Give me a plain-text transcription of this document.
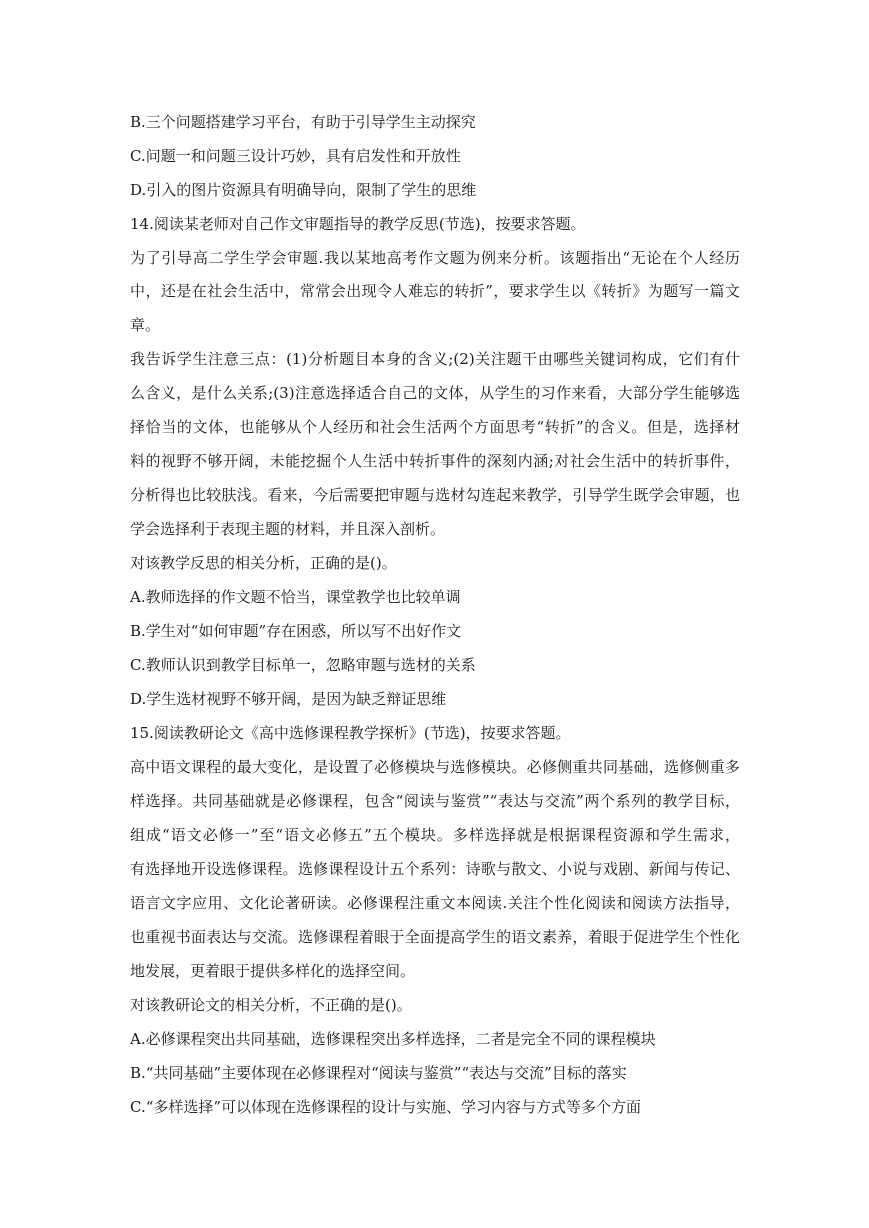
B.三个问题搭建学习平台，有助于引导学生主动探究
C.问题一和问题三设计巧妙，具有启发性和开放性
D.引入的图片资源具有明确导向，限制了学生的思维
14.阅读某老师对自己作文审题指导的教学反思(节选)，按要求答题。
为了引导高二学生学会审题.我以某地高考作文题为例来分析。该题指出“无论在个人经历
中，还是在社会生活中，常常会出现令人难忘的转折”，要求学生以《转折》为题写一篇文
章。
我告诉学生注意三点：(1)分析题目本身的含义;(2)关注题干由哪些关键词构成，它们有什
么含义，是什么关系;(3)注意选择适合自己的文体，从学生的习作来看，大部分学生能够选
择恰当的文体，也能够从个人经历和社会生活两个方面思考“转折”的含义。但是，选择材
料的视野不够开阔，未能挖掘个人生活中转折事件的深刻内涵;对社会生活中的转折事件，
分析得也比较肤浅。看来，今后需要把审题与选材勾连起来教学，引导学生既学会审题，也
学会选择利于表现主题的材料，并且深入剖析。
对该教学反思的相关分析，正确的是()。
A.教师选择的作文题不恰当，课堂教学也比较单调
B.学生对“如何审题”存在困惑，所以写不出好作文
C.教师认识到教学目标单一，忽略审题与选材的关系
D.学生选材视野不够开阔，是因为缺乏辩证思维
15.阅读教研论文《高中选修课程教学探析》(节选)，按要求答题。
高中语文课程的最大变化，是设置了必修模块与选修模块。必修侧重共同基础，选修侧重多
样选择。共同基础就是必修课程，包含“阅读与鉴赏”“表达与交流”两个系列的教学目标，
组成“语文必修一”至“语文必修五”五个模块。多样选择就是根据课程资源和学生需求，
有选择地开设选修课程。选修课程设计五个系列：诗歌与散文、小说与戏剧、新闻与传记、
语言文字应用、文化论著研读。必修课程注重文本阅读.关注个性化阅读和阅读方法指导，
也重视书面表达与交流。选修课程着眼于全面提高学生的语文素养，着眼于促进学生个性化
地发展，更着眼于提供多样化的选择空间。
对该教研论文的相关分析，不正确的是()。
A.必修课程突出共同基础，选修课程突出多样选择，二者是完全不同的课程模块
B.“共同基础”主要体现在必修课程对“阅读与鉴赏”“表达与交流”目标的落实
C.“多样选择”可以体现在选修课程的设计与实施、学习内容与方式等多个方面
